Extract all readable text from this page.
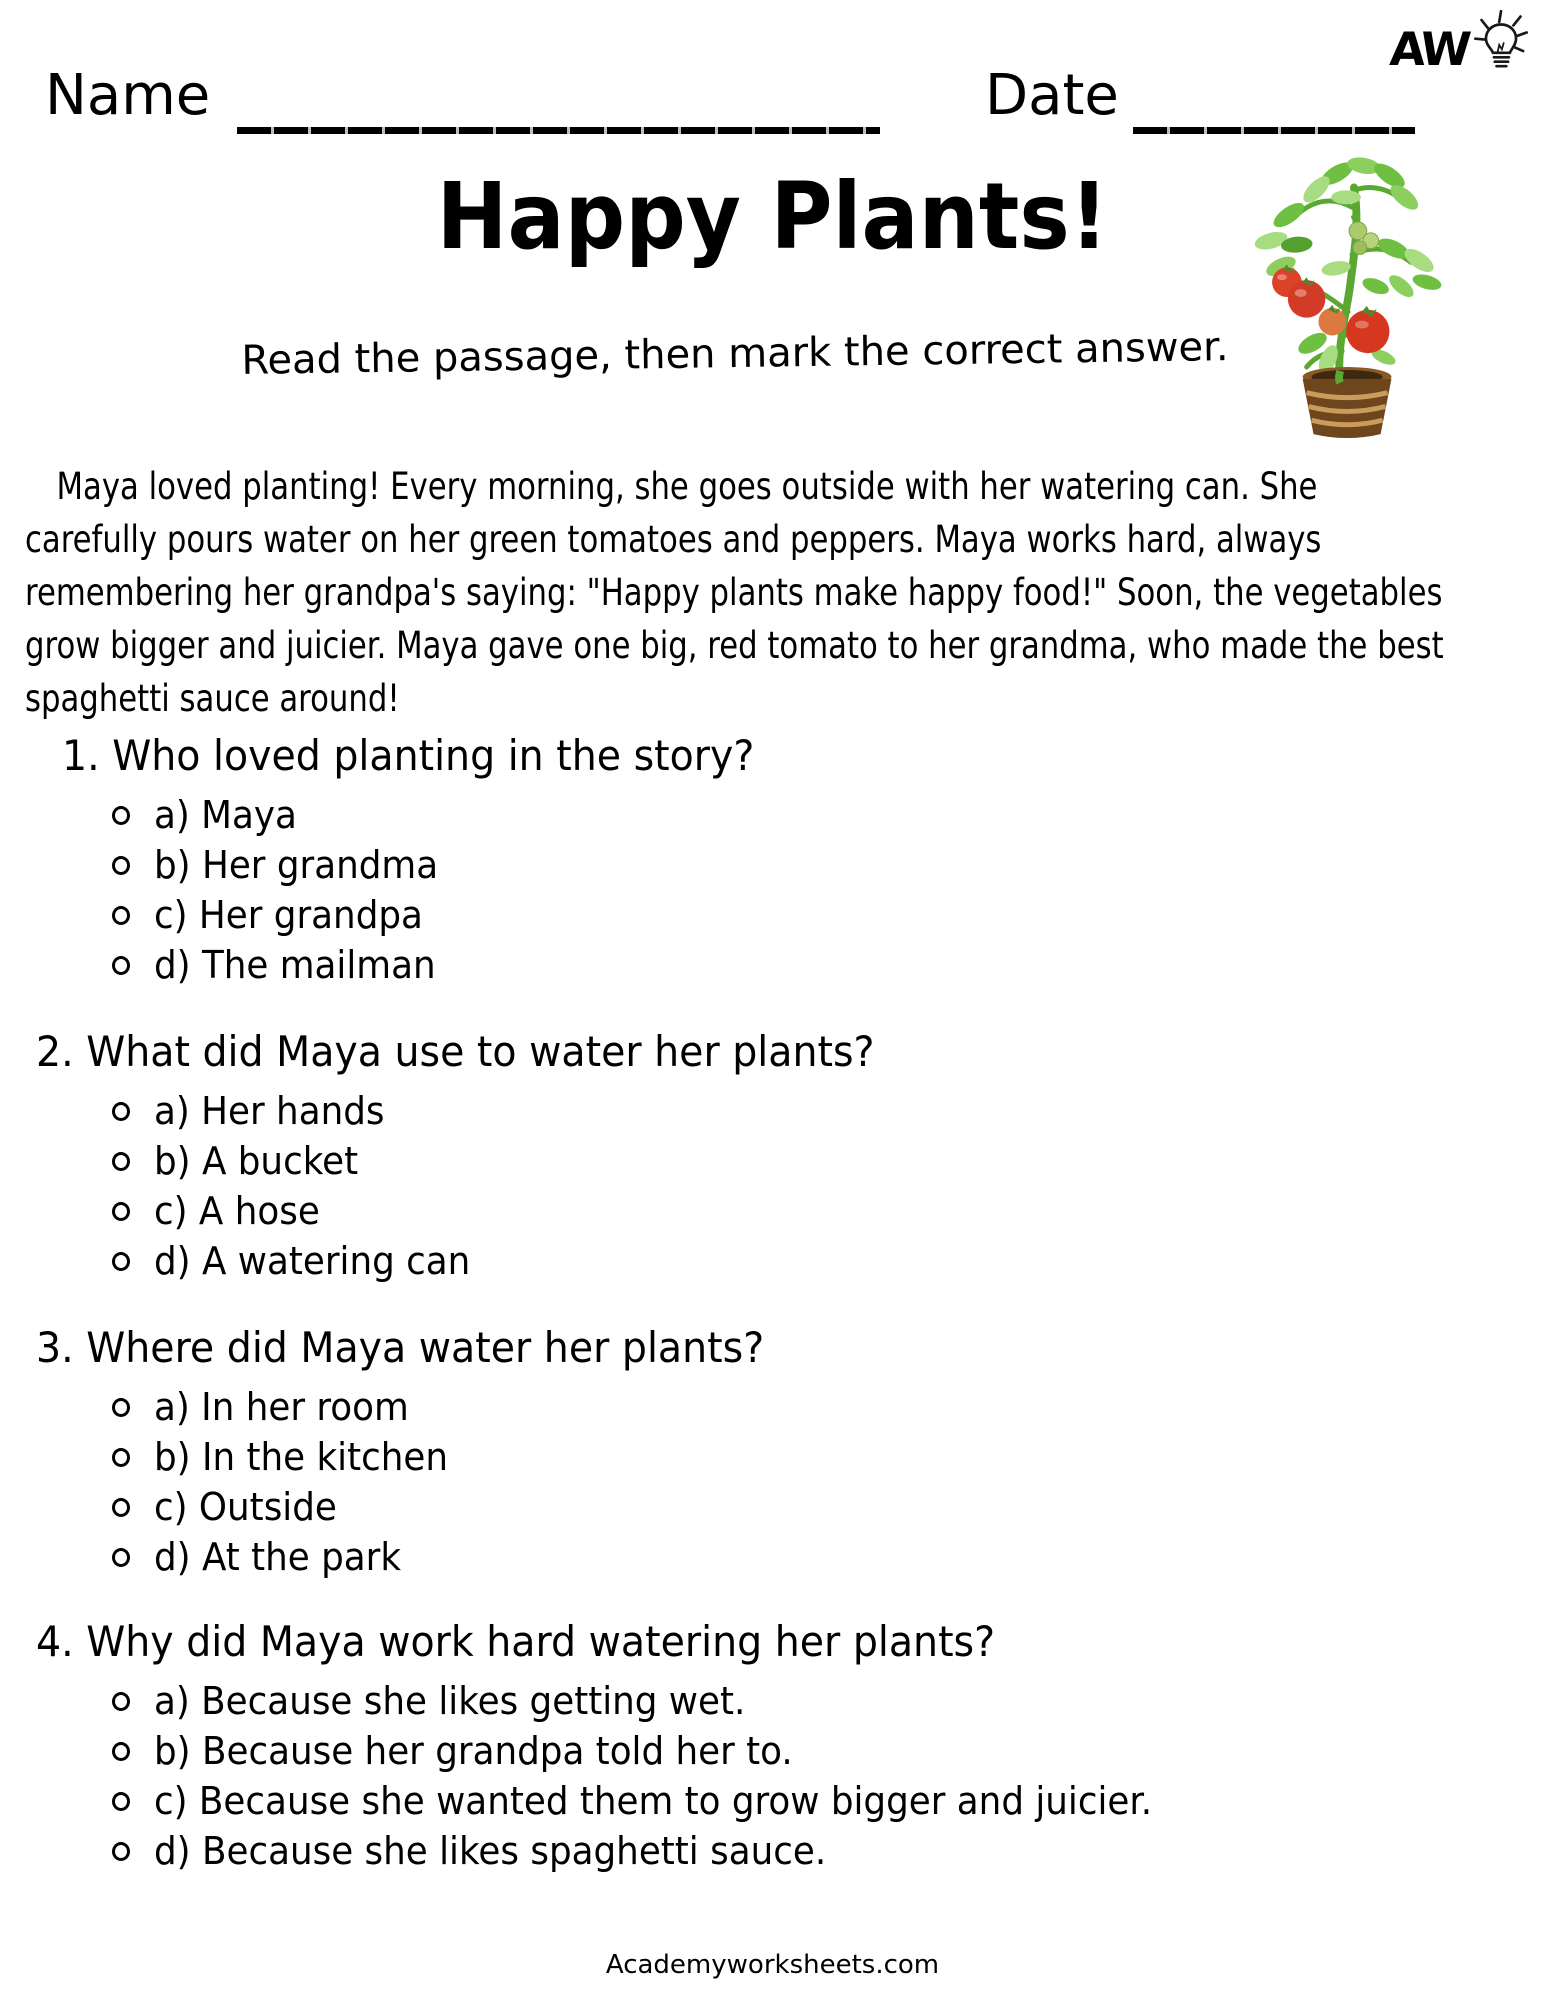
Name	Date
AW
Happy Plants!
Read the passage, then mark the correct answer.
Maya loved planting! Every morning, she goes outside with her watering can. She
carefully pours water on her green tomatoes and peppers. Maya works hard, always
remembering her grandpa's saying: "Happy plants make happy food!" Soon, the vegetables
grow bigger and juicier. Maya gave one big, red tomato to her grandma, who made the best
spaghetti sauce around!
1. Who loved planting in the story?
a) Maya
b) Her grandma
c) Her grandpa
d) The mailman
2. What did Maya use to water her plants?
a) Her hands
b) A bucket
c) A hose
d) A watering can
3. Where did Maya water her plants?
a) In her room
b) In the kitchen
c) Outside
d) At the park
4. Why did Maya work hard watering her plants?
a) Because she likes getting wet.
b) Because her grandpa told her to.
c) Because she wanted them to grow bigger and juicier.
d) Because she likes spaghetti sauce.
Academyworksheets.com
